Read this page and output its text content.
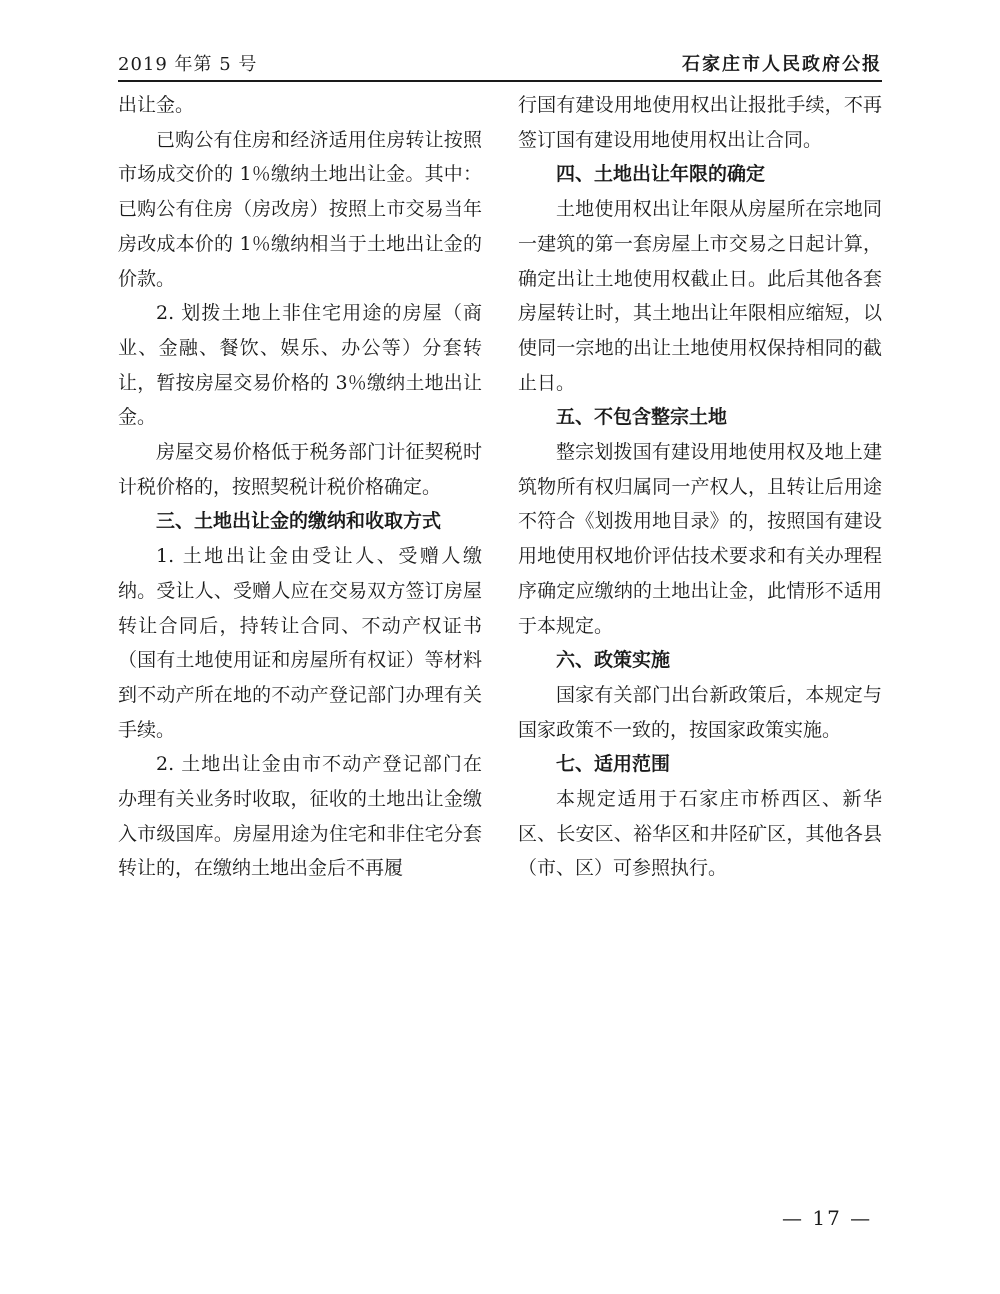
2019 年第 5 号	石家庄市人民政府公报

出让金。

已购公有住房和经济适用住房转让按照市场成交价的 1％缴纳土地出让金。其中：已购公有住房（房改房）按照上市交易当年房改成本价的 1％缴纳相当于土地出让金的价款。

2. 划拨土地上非住宅用途的房屋（商业、金融、餐饮、娱乐、办公等）分套转让，暂按房屋交易价格的 3％缴纳土地出让金。

房屋交易价格低于税务部门计征契税时计税价格的，按照契税计税价格确定。

三、土地出让金的缴纳和收取方式

1. 土地出让金由受让人、受赠人缴纳。受让人、受赠人应在交易双方签订房屋转让合同后，持转让合同、不动产权证书（国有土地使用证和房屋所有权证）等材料到不动产所在地的不动产登记部门办理有关手续。

2. 土地出让金由市不动产登记部门在办理有关业务时收取，征收的土地出让金缴入市级国库。房屋用途为住宅和非住宅分套转让的，在缴纳土地出金后不再履

行国有建设用地使用权出让报批手续，不再签订国有建设用地使用权出让合同。

四、土地出让年限的确定

土地使用权出让年限从房屋所在宗地同一建筑的第一套房屋上市交易之日起计算，确定出让土地使用权截止日。此后其他各套房屋转让时，其土地出让年限相应缩短，以使同一宗地的出让土地使用权保持相同的截止日。

五、不包含整宗土地

整宗划拨国有建设用地使用权及地上建筑物所有权归属同一产权人，且转让后用途不符合《划拨用地目录》的，按照国有建设用地使用权地价评估技术要求和有关办理程序确定应缴纳的土地出让金，此情形不适用于本规定。

六、政策实施

国家有关部门出台新政策后，本规定与国家政策不一致的，按国家政策实施。

七、适用范围

本规定适用于石家庄市桥西区、新华区、长安区、裕华区和井陉矿区，其他各县（市、区）可参照执行。

— 17 —
